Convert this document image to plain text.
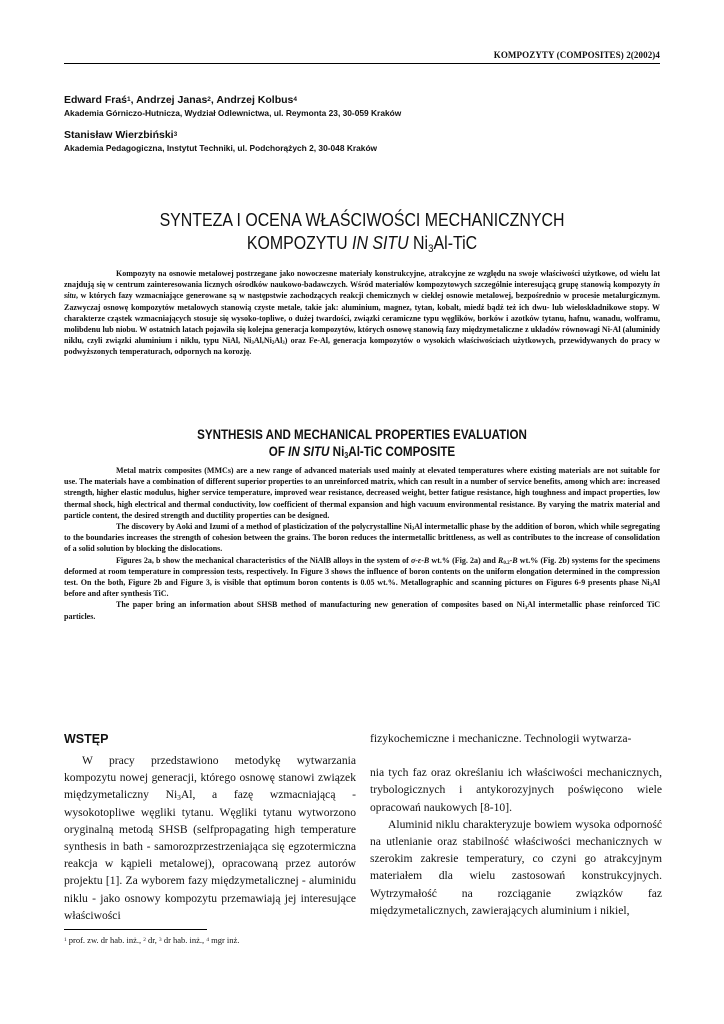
KOMPOZYTY (COMPOSITES) 2(2002)4
Edward Fraś$^1$, Andrzej Janas$^2$, Andrzej Kolbus$^4$
Akademia Górniczo-Hutnicza, Wydział Odlewnictwa, ul. Reymonta 23, 30-059 Kraków
Stanisław Wierzbiński$^3$
Akademia Pedagogiczna, Instytut Techniki, ul. Podchorążych 2, 30-048 Kraków
SYNTEZA I OCENA WŁAŚCIWOŚCI MECHANICZNYCH
KOMPOZYTU IN SITU $Ni_3Al$-TiC

Kompozyty na osnowie metalowej postrzegane jako nowoczesne materiały konstrukcyjne, atrakcyjne ze względu na swoje właściwości użytkowe, od wielu lat znajdują się w centrum zainteresowania licznych ośrodków naukowo-badawczych. Wśród materiałów kompozytowych szczególnie interesującą grupę stanowią kompozyty in situ, w których fazy wzmacniające generowane są w następstwie zachodzących reakcji chemicznych w ciekłej osnowie metalowej, bezpośrednio w procesie metalurgicznym. Zazwyczaj osnowę kompozytów metalowych stanowią czyste metale, takie jak: aluminium, magnez, tytan, kobalt, miedź bądź też ich dwu- lub wieloskładnikowe stopy. W charakterze cząstek wzmacniających stosuje się wysoko-topliwe, o dużej twardości, związki ceramiczne typu węglików, borków i azotków tytanu, hafnu, wanadu, wolframu, molibdenu lub niobu. W ostatnich latach pojawiła się kolejna generacja kompozytów, których osnowę stanowią fazy międzymetaliczne z układów równowagi Ni-Al (aluminidy niklu, czyli związki aluminium i niklu, typu NiAl, $Ni_3Al,Ni_2Al_3$) oraz Fe-Al, generacja kompozytów o wysokich właściwościach użytkowych, przewidywanych do pracy w podwyższonych temperaturach, odpornych na korozję.

SYNTHESIS AND MECHANICAL PROPERTIES EVALUATION
OF IN SITU $Ni_3Al$-TiC COMPOSITE

Metal matrix composites (MMCs) are a new range of advanced materials used mainly at elevated temperatures where existing materials are not suitable for use. The materials have a combination of different superior properties to an unreinforced matrix, which can result in a number of service benefits, among which are: increased strength, higher elastic modulus, higher service temperature, improved wear resistance, decreased weight, better fatigue resistance, high toughness and impact properties, low thermal shock, high electrical and thermal conductivity, low coefficient of thermal expansion and high vacuum environmental resistance. By varying the matrix material and particle content, the desired strength and ductility properties can be designed.

The discovery by Aoki and Izumi of a method of plasticization of the polycrystalline $Ni_3Al$ intermetallic phase by the addition of boron, which while segregating to the boundaries increases the strength of cohesion between the grains. The boron reduces the intermetallic brittleness, as well as contributes to the increase of consolidation of a solid solution by blocking the dislocations.

Figures 2a, b show the mechanical characteristics of the NiAlB alloys in the system of σ-ε-B wt.% (Fig. 2a) and $R_{0.2}-B$ wt.% (Fig. 2b) systems for the specimens deformed at room temperature in compression tests, respectively. In Figure 3 shows the influence of boron contents on the uniform elongation determined in the compression test. On the both, Figure 2b and Figure 3, is visible that optimum boron contents is 0.05 wt.%. Metallographic and scanning pictures on Figures 6-9 presents phase $Ni_3Al$ before and after synthesis TiC.

The paper bring an information about SHSB method of manufacturing new generation of composites based on $Ni_3Al$ intermetallic phase reinforced TiC particles.

WSTĘP

W pracy przedstawiono metodykę wytwarzania kompozytu nowej generacji, którego osnowę stanowi związek międzymetaliczny $Ni_3Al$, a fazę wzmacniającą - wysokotopliwe węgliki tytanu. Węgliki tytanu wytworzono oryginalną metodą SHSB (selfpropagating high temperature synthesis in bath - samorozprzestrzeniająca się egzotermiczna reakcja w kąpieli metalowej), opracowaną przez autorów projektu [1]. Za wyborem fazy międzymetalicznej - aluminidu niklu - jako osnowy kompozytu przemawiają jej interesujące właściwości

fizykochemiczne i mechaniczne. Technologii wytwarza-

nia tych faz oraz określaniu ich właściwości mechanicznych, trybologicznych i antykorozyjnych poświęcono wiele opracowań naukowych [8-10].

Aluminid niklu charakteryzuje bowiem wysoka odporność na utlenianie oraz stabilność właściwości mechanicznych w szerokim zakresie temperatury, co czyni go atrakcyjnym materiałem dla wielu zastosowań konstrukcyjnych. Wytrzymałość na rozciąganie związków faz międzymetalicznych, zawierających aluminium i nikiel,

$^1$ prof. zw. dr hab. inż., $^2$ dr, $^3$ dr hab. inż., $^4$ mgr inż.
